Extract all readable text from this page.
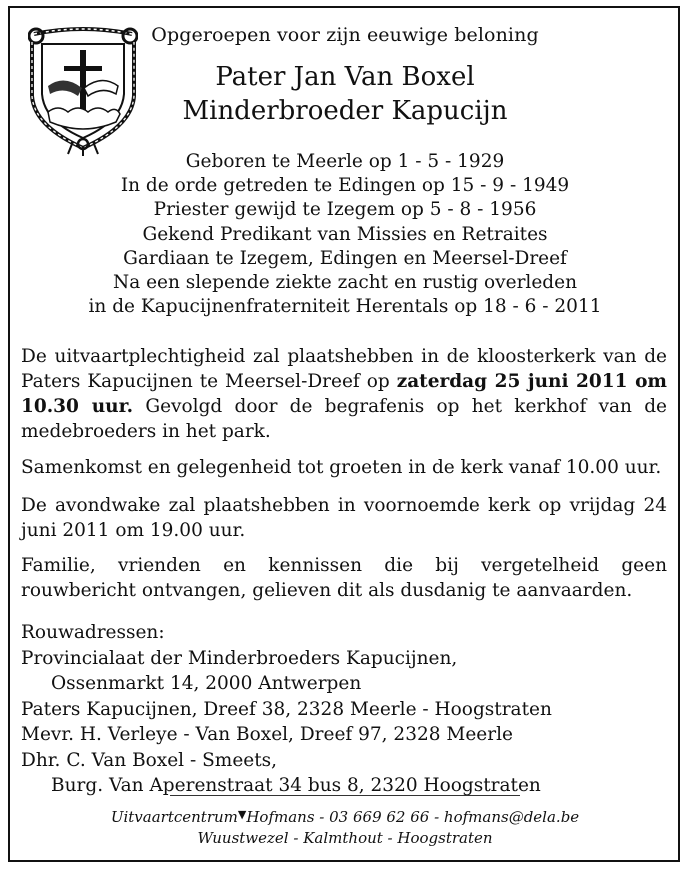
Opgeroepen voor zijn eeuwige beloning
Pater Jan Van Boxel
Minderbroeder Kapucijn
Geboren te Meerle op 1 - 5 - 1929
In de orde getreden te Edingen op 15 - 9 - 1949
Priester gewijd te Izegem op 5 - 8 - 1956
Gekend Predikant van Missies en Retraites
Gardiaan te Izegem, Edingen en Meersel-Dreef
Na een slepende ziekte zacht en rustig overleden
in de Kapucijnenfraterniteit Herentals op 18 - 6 - 2011
De uitvaartplechtigheid zal plaatshebben in de kloosterkerk van de Paters Kapucijnen te Meersel-Dreef op zaterdag 25 juni 2011 om 10.30 uur. Gevolgd door de begrafenis op het kerkhof van de medebroeders in het park.
Samenkomst en gelegenheid tot groeten in de kerk vanaf 10.00 uur.
De avondwake zal plaatshebben in voornoemde kerk op vrijdag 24 juni 2011 om 19.00 uur.
Familie, vrienden en kennissen die bij vergetelheid geen rouwbericht ontvangen, gelieven dit als dusdanig te aanvaarden.
Rouwadressen:
Provincialaat der Minderbroeders Kapucijnen,
Ossenmarkt 14, 2000 Antwerpen
Paters Kapucijnen, Dreef 38, 2328 Meerle - Hoogstraten
Mevr. H. Verleye - Van Boxel, Dreef 97, 2328 Meerle
Dhr. C. Van Boxel - Smeets,
Burg. Van Aperenstraat 34 bus 8, 2320 Hoogstraten
Uitvaartcentrum▼Hofmans - 03 669 62 66 - hofmans@dela.be
Wuustwezel - Kalmthout - Hoogstraten
